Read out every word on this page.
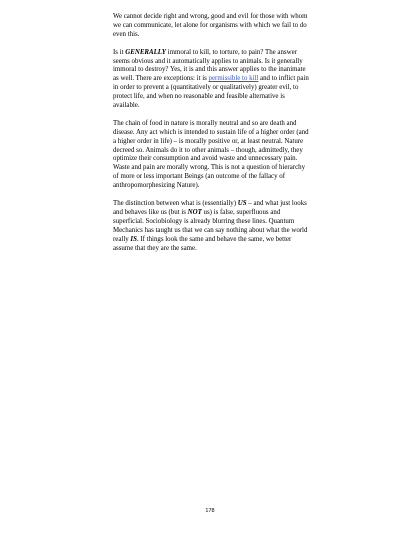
We cannot decide right and wrong, good and evil for those with whom we can communicate, let alone for organisms with which we fail to do even this.

Is it GENERALLY immoral to kill, to torture, to pain? The answer seems obvious and it automatically applies to animals. Is it generally immoral to destroy? Yes, it is and this answer applies to the inanimate as well. There are exceptions: it is permissible to kill and to inflict pain in order to prevent a (quantitatively or qualitatively) greater evil, to protect life, and when no reasonable and feasible alternative is available.

The chain of food in nature is morally neutral and so are death and disease. Any act which is intended to sustain life of a higher order (and a higher order in life) – is morally positive or, at least neutral. Nature decreed so. Animals do it to other animals – though, admittedly, they optimize their consumption and avoid waste and unnecessary pain. Waste and pain are morally wrong. This is not a question of hierarchy of more or less important Beings (an outcome of the fallacy of anthropomorphesizing Nature).

The distinction between what is (essentially) US – and what just looks and behaves like us (but is NOT us) is false, superfluous and superficial. Sociobiology is already blurring these lines. Quantum Mechanics has taught us that we can say nothing about what the world really IS. If things look the same and behave the same, we better assume that they are the same.

178
